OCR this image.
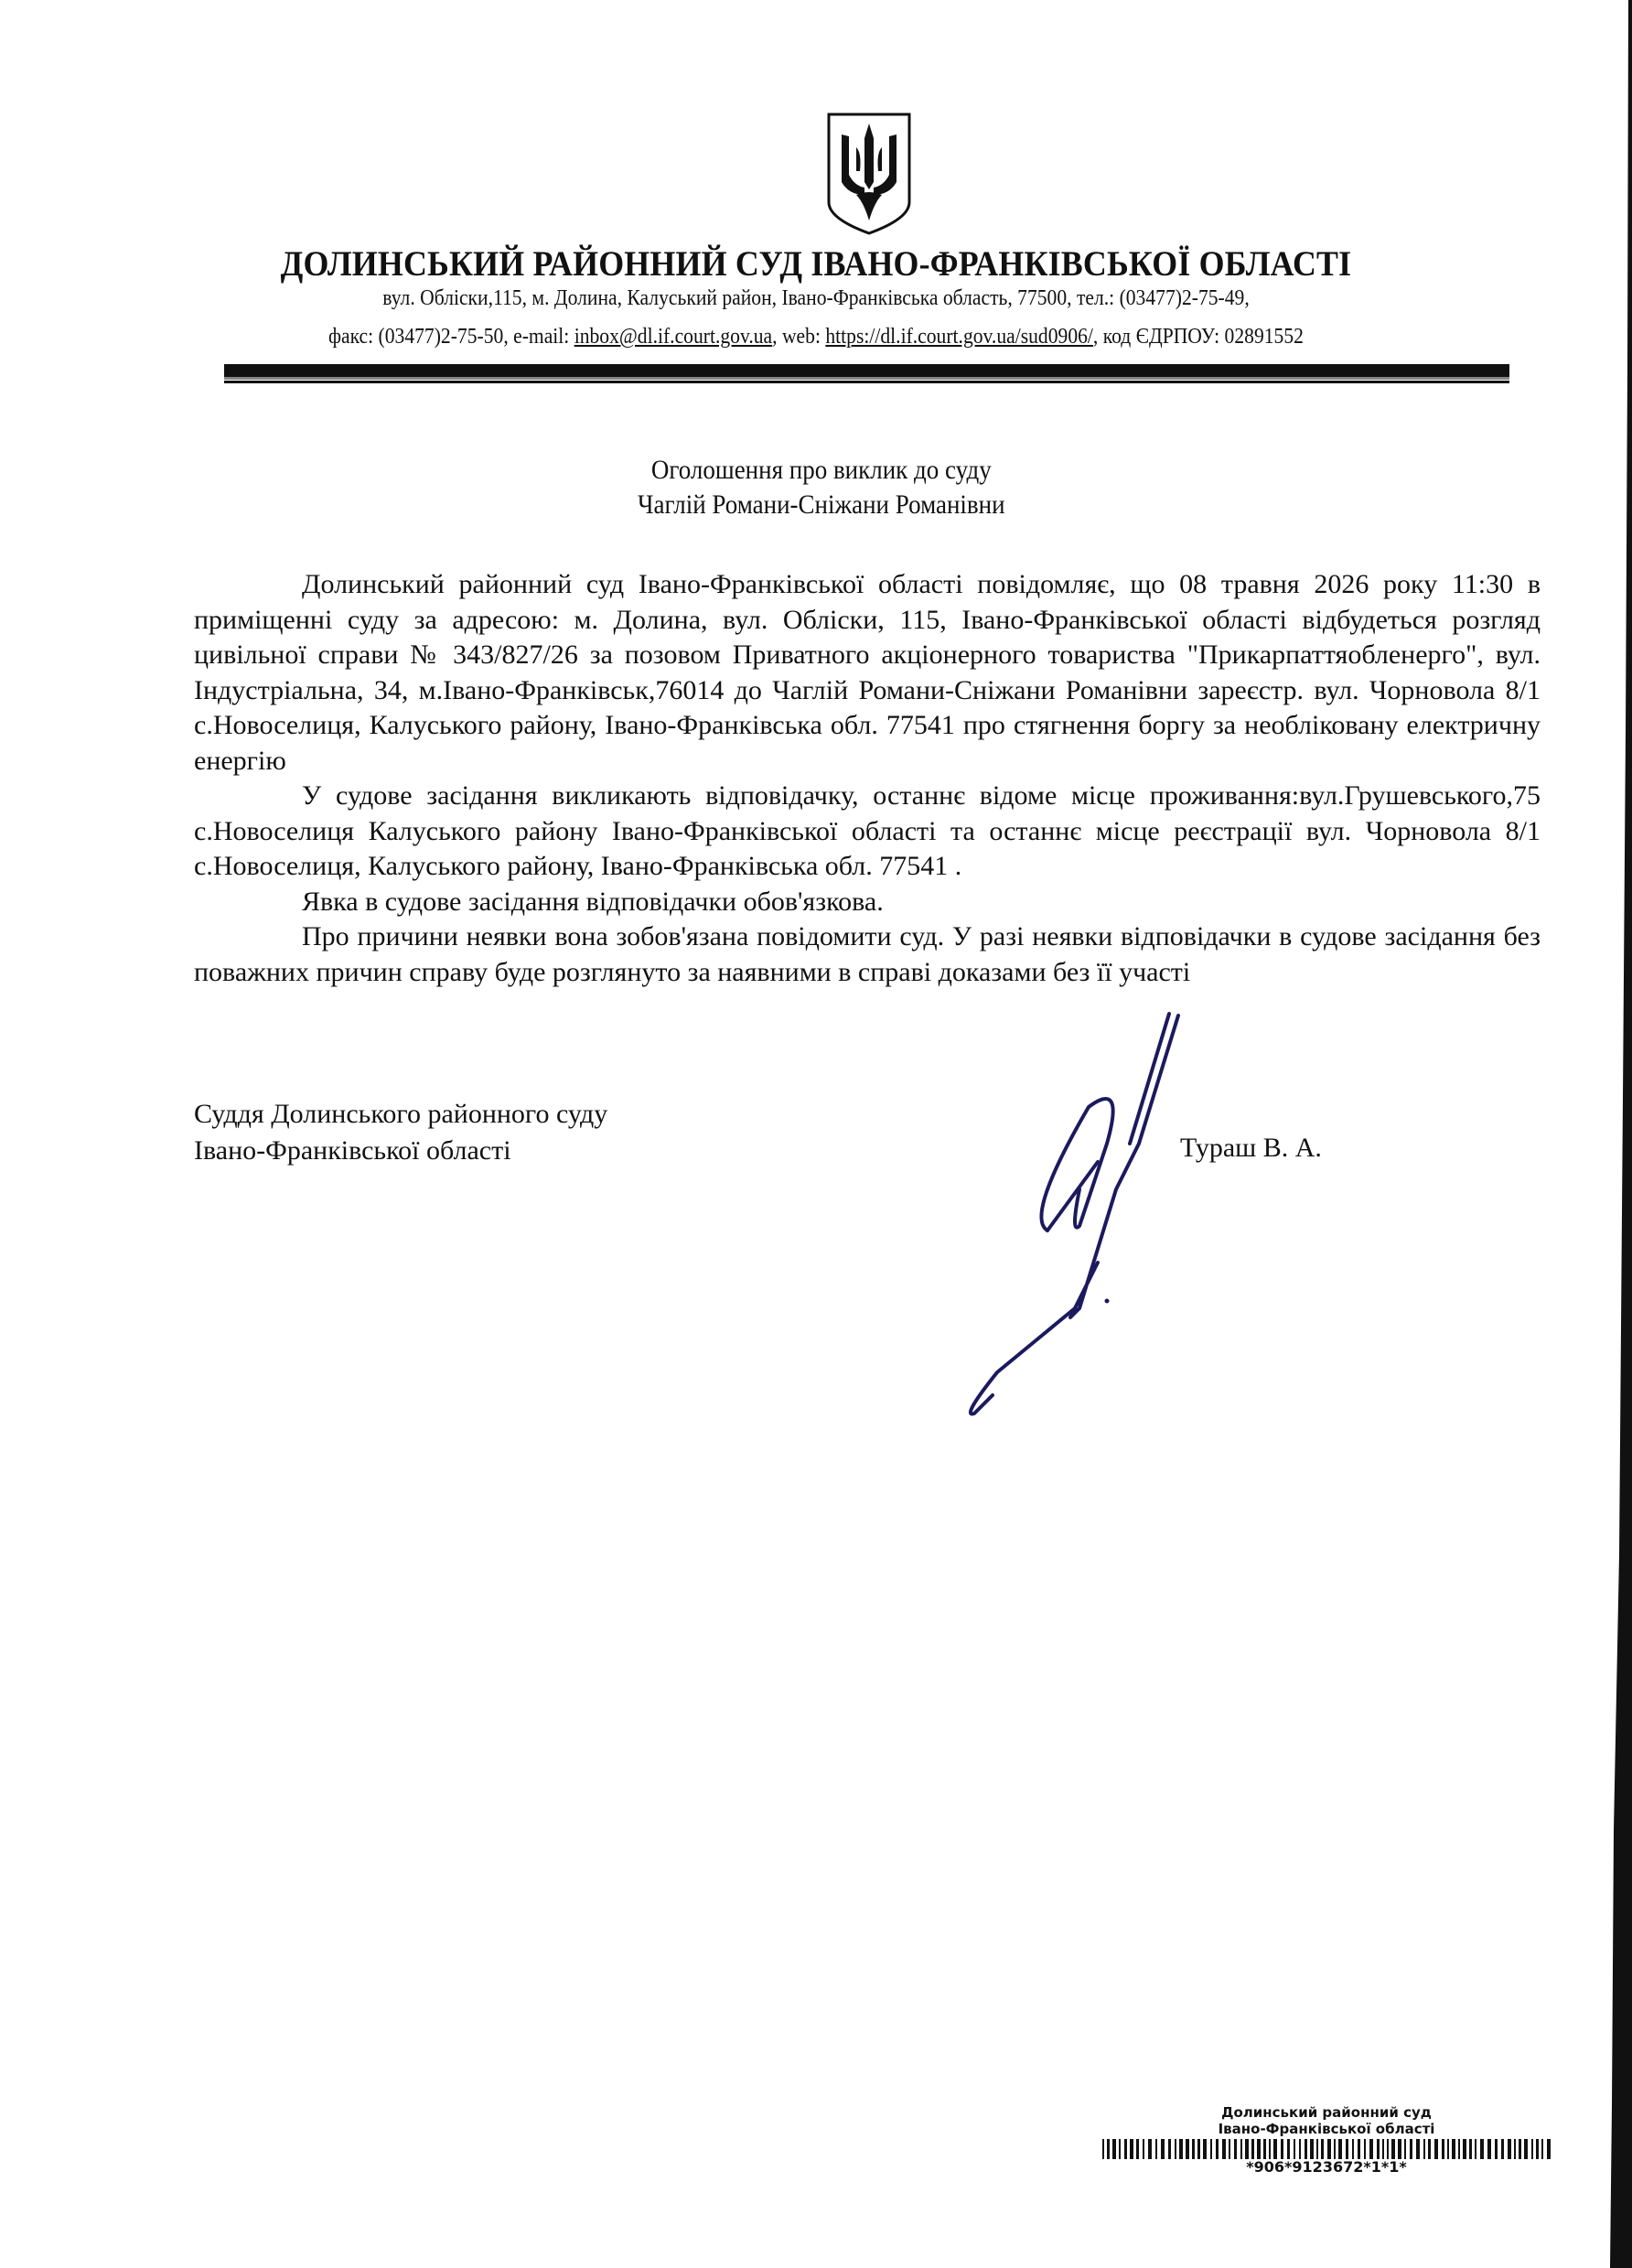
ДОЛИНСЬКИЙ РАЙОННИЙ СУД ІВАНО-ФРАНКІВСЬКОЇ ОБЛАСТІ
вул. Обліски,115, м. Долина, Калуський район, Івано-Франківська область, 77500, тел.: (03477)2-75-49,
факс: (03477)2-75-50, e-mail: inbox@dl.if.court.gov.ua, web: https://dl.if.court.gov.ua/sud0906/, код ЄДРПОУ: 02891552
Оголошення про виклик до суду
Чаглій Романи-Сніжани Романівни

Долинський районний суд Івано-Франківської області повідомляє, що 08 травня 2026 року 11:30 в приміщенні суду за адресою: м. Долина, вул. Обліски, 115, Івано-Франківської області відбудеться розгляд цивільної справи № 343/827/26 за позовом Приватного акціонерного товариства "Прикарпаттяобленерго", вул. Індустріальна, 34, м.Івано-Франківськ,76014 до Чаглій Романи-Сніжани Романівни зареєстр. вул. Чорновола 8/1 с.Новоселиця, Калуського району, Івано-Франківська обл. 77541 про стягнення боргу за необліковану електричну енергію

У судове засідання викликають відповідачку, останнє відоме місце проживання:вул.Грушевського,75 с.Новоселиця Калуського району Івано-Франківської області та останнє місце реєстрації вул. Чорновола 8/1 с.Новоселиця, Калуського району, Івано-Франківська обл. 77541 .

Явка в судове засідання відповідачки обов'язкова.

Про причини неявки вона зобов'язана повідомити суд. У разі неявки відповідачки в судове засідання без поважних причин справу буде розглянуто за наявними в справі доказами без її участі

Суддя Долинського районного суду
Івано-Франківської області	Тураш В. А.
Долинський районний суд
Івано-Франківської області
*906*9123672*1*1*
